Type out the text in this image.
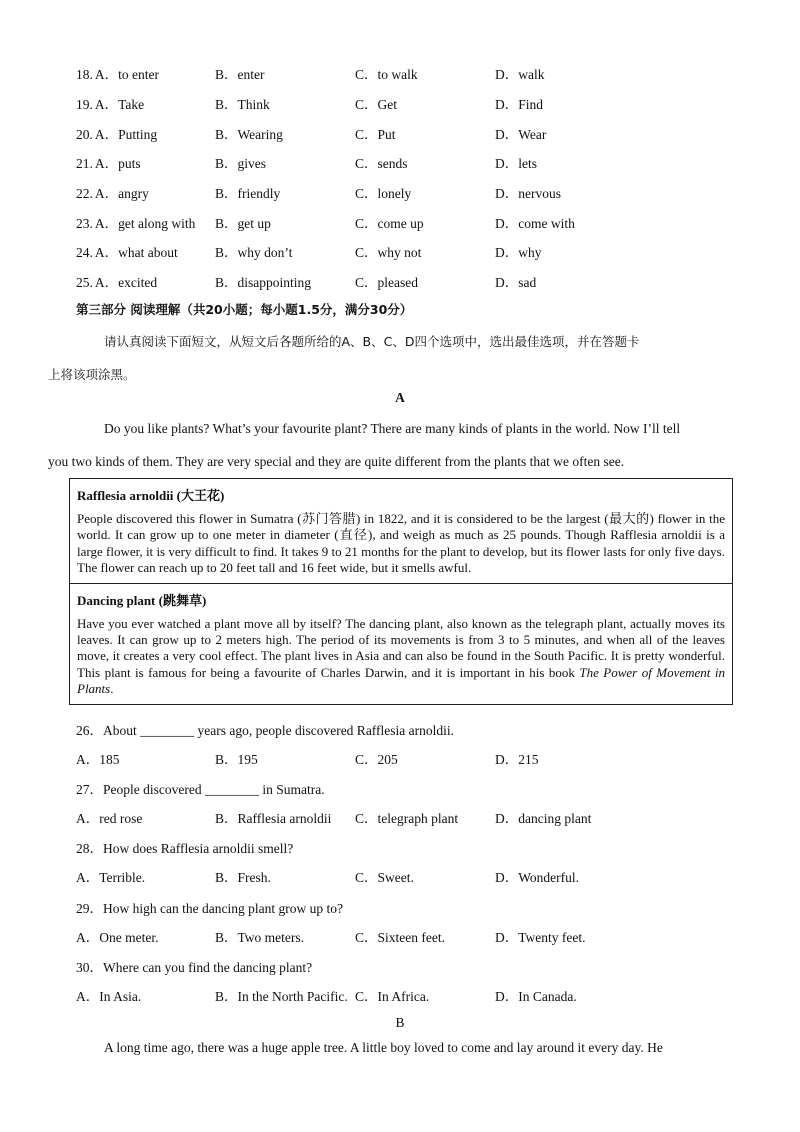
18. A．to enter	B．enter	C．to walk	D．walk
19. A．Take	B．Think	C．Get	D．Find
20. A．Putting	B．Wearing	C．Put	D．Wear
21. A．puts	B．gives	C．sends	D．lets
22. A．angry	B．friendly	C．lonely	D．nervous
23. A．get along with B．get up	C．come up	D．come with
24. A．what about	B．why don’t	C．why not	D．why
25. A．excited	B．disappointing	C．pleased	D．sad
第三部分 阅读理解（共20小题；每小题1.5分，满分30分）
请认真阅读下面短文，从短文后各题所给的A、B、C、D四个选项中，选出最佳选项，并在答题卡
上将该项涂黑。
A
Do you like plants? What’s your favourite plant? There are many kinds of plants in the world. Now I’ll tell
you two kinds of them. They are very special and they are quite different from the plants that we often see.
Rafflesia arnoldii (大王花)
People discovered this flower in Sumatra (苏门答腊) in 1822, and it is considered to be the largest (最大的) flower in the world. It can grow up to one meter in diameter (直径), and weigh as much as 25 pounds. Though Rafflesia arnoldii is a large flower, it is very difficult to find. It takes 9 to 21 months for the plant to develop, but its flower lasts for only five days. The flower can reach up to 20 feet tall and 16 feet wide, but it smells awful.
Dancing plant (跳舞草)
Have you ever watched a plant move all by itself? The dancing plant, also known as the telegraph plant, actually moves its leaves. It can grow up to 2 meters high. The period of its movements is from 3 to 5 minutes, and when all of the leaves move, it creates a very cool effect. The plant lives in Asia and can also be found in the South Pacific. It is pretty wonderful. This plant is famous for being a favourite of Charles Darwin, and it is important in his book The Power of Movement in Plants.
26．About ________ years ago, people discovered Rafflesia arnoldii.
A．185	B．195	C．205	D．215
27．People discovered ________ in Sumatra.
A．red rose	B．Rafflesia arnoldii C．telegraph plant	D．dancing plant
28．How does Rafflesia arnoldii smell?
A．Terrible.	B．Fresh.	C．Sweet.	D．Wonderful.
29．How high can the dancing plant grow up to?
A．One meter.	B．Two meters.	C．Sixteen feet.	D．Twenty feet.
30．Where can you find the dancing plant?
A．In Asia.	B．In the North Pacific. C．In Africa.	D．In Canada.
B
A long time ago, there was a huge apple tree. A little boy loved to come and lay around it every day. He
